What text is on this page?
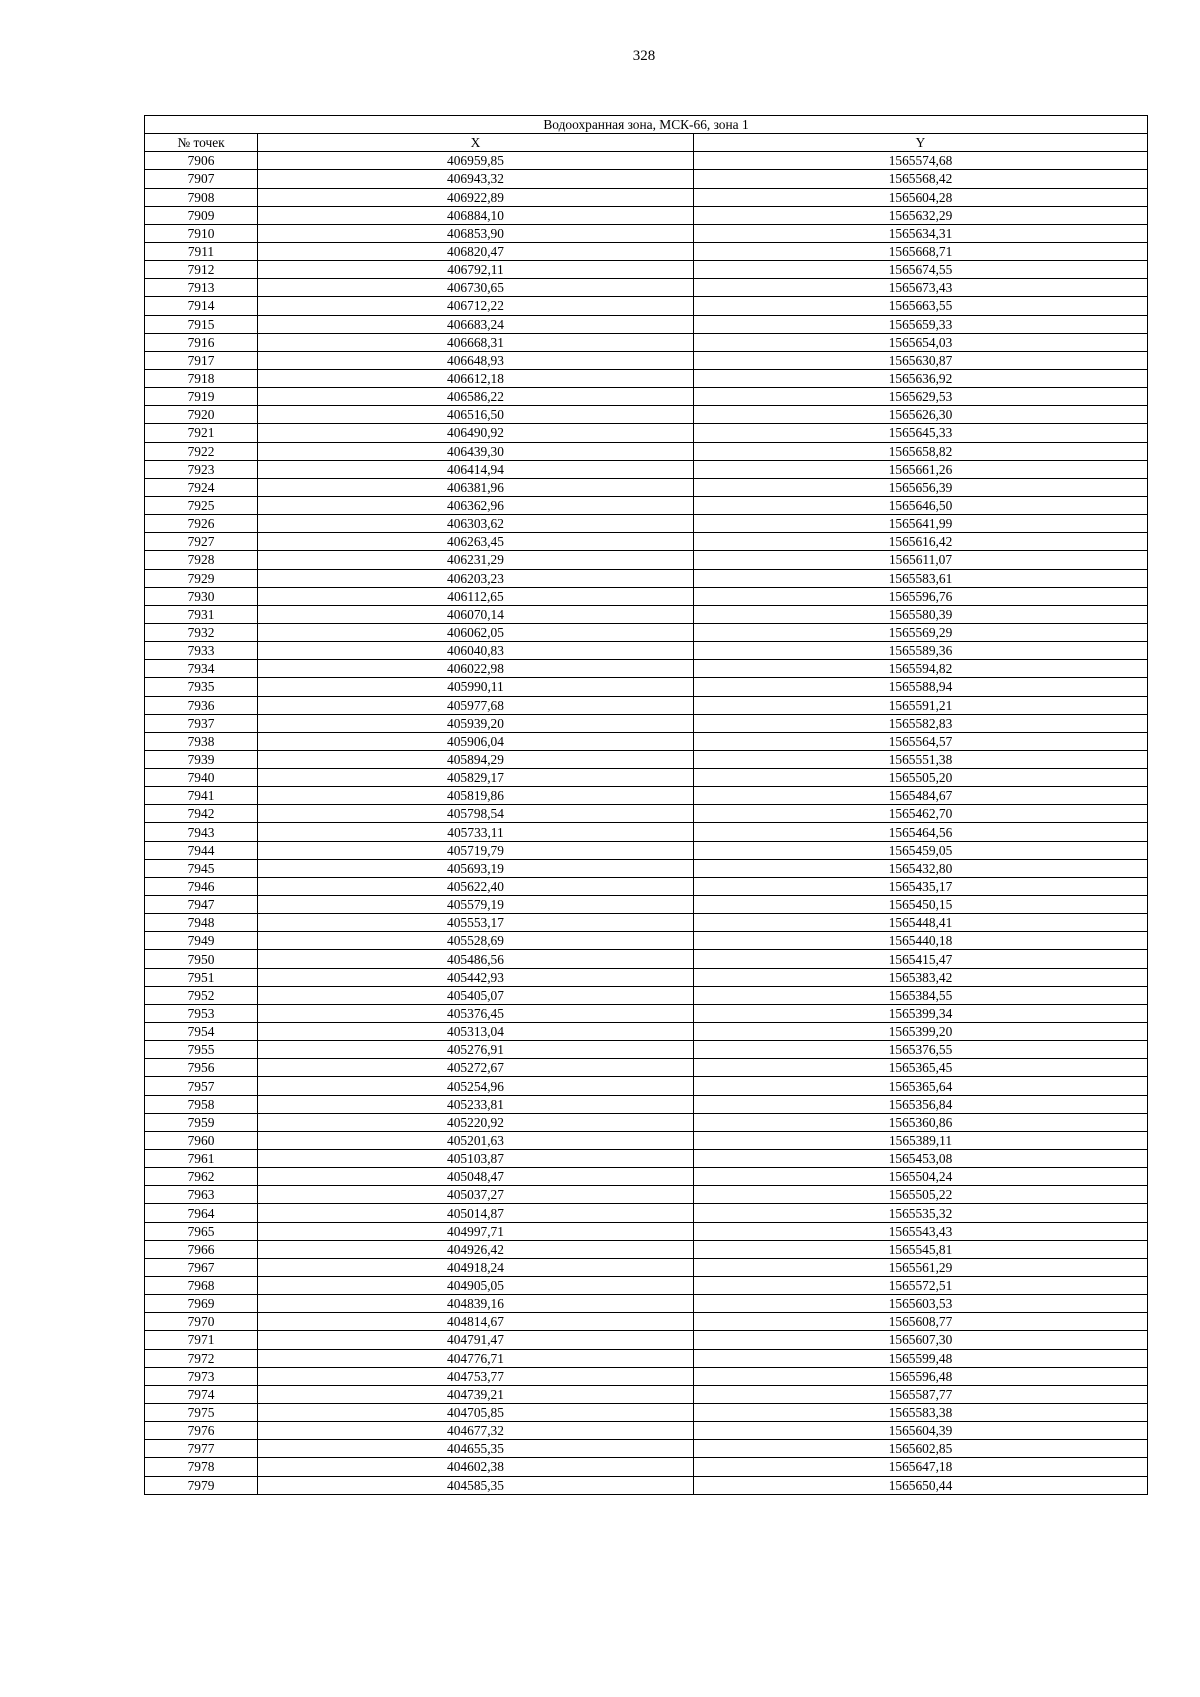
328
Водоохранная зона, МСК-66, зона 1		
№ точек	X	Y
7906	406959,85	1565574,68
7907	406943,32	1565568,42
7908	406922,89	1565604,28
7909	406884,10	1565632,29
7910	406853,90	1565634,31
7911	406820,47	1565668,71
7912	406792,11	1565674,55
7913	406730,65	1565673,43
7914	406712,22	1565663,55
7915	406683,24	1565659,33
7916	406668,31	1565654,03
7917	406648,93	1565630,87
7918	406612,18	1565636,92
7919	406586,22	1565629,53
7920	406516,50	1565626,30
7921	406490,92	1565645,33
7922	406439,30	1565658,82
7923	406414,94	1565661,26
7924	406381,96	1565656,39
7925	406362,96	1565646,50
7926	406303,62	1565641,99
7927	406263,45	1565616,42
7928	406231,29	1565611,07
7929	406203,23	1565583,61
7930	406112,65	1565596,76
7931	406070,14	1565580,39
7932	406062,05	1565569,29
7933	406040,83	1565589,36
7934	406022,98	1565594,82
7935	405990,11	1565588,94
7936	405977,68	1565591,21
7937	405939,20	1565582,83
7938	405906,04	1565564,57
7939	405894,29	1565551,38
7940	405829,17	1565505,20
7941	405819,86	1565484,67
7942	405798,54	1565462,70
7943	405733,11	1565464,56
7944	405719,79	1565459,05
7945	405693,19	1565432,80
7946	405622,40	1565435,17
7947	405579,19	1565450,15
7948	405553,17	1565448,41
7949	405528,69	1565440,18
7950	405486,56	1565415,47
7951	405442,93	1565383,42
7952	405405,07	1565384,55
7953	405376,45	1565399,34
7954	405313,04	1565399,20
7955	405276,91	1565376,55
7956	405272,67	1565365,45
7957	405254,96	1565365,64
7958	405233,81	1565356,84
7959	405220,92	1565360,86
7960	405201,63	1565389,11
7961	405103,87	1565453,08
7962	405048,47	1565504,24
7963	405037,27	1565505,22
7964	405014,87	1565535,32
7965	404997,71	1565543,43
7966	404926,42	1565545,81
7967	404918,24	1565561,29
7968	404905,05	1565572,51
7969	404839,16	1565603,53
7970	404814,67	1565608,77
7971	404791,47	1565607,30
7972	404776,71	1565599,48
7973	404753,77	1565596,48
7974	404739,21	1565587,77
7975	404705,85	1565583,38
7976	404677,32	1565604,39
7977	404655,35	1565602,85
7978	404602,38	1565647,18
7979	404585,35	1565650,44
